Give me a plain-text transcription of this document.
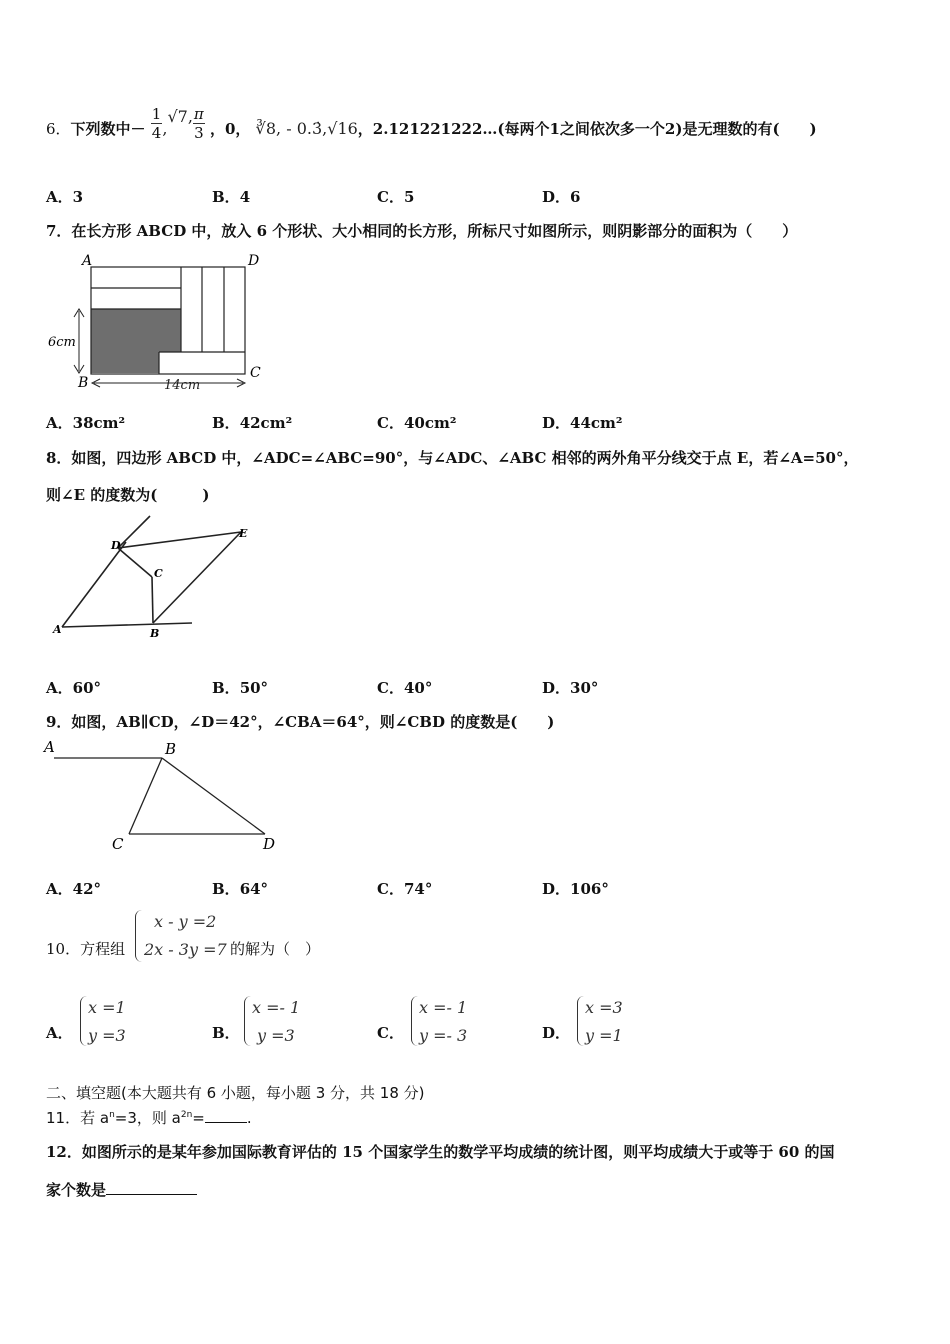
6．下列数中－ $\frac{1}{4} ,√7$, $\frac{\pi}{3}$ ，0， ∛8, - 0.3̇,√16，2.121221222…(每两个1之间依次多一个2)是无理数的有(　　)
A．3	B．4	C．5	D．6
7．在长方形 ABCD 中，放入 6 个形状、大小相同的长方形，所标尺寸如图所示，则阴影部分的面积为（　　）
A	D
B
C
6cm
14cm
A．38cm²	B．42cm²	C．40cm²	D．44cm²
8．如图，四边形 ABCD 中，∠ADC=∠ABC=90°，与∠ADC、∠ABC 相邻的两外角平分线交于点 E，若∠A=50°，
则∠E 的度数为(　　　)
A	B
C
D
E
A．60°	B．50°	C．40°	D．30°
9．如图，AB∥CD，∠D＝42°，∠CBA＝64°，则∠CBD 的度数是(　　)
A	B
C	D
A．42°	B．64°	C．74°	D．106°
10．方程组
x - y =2
2x - 3y =7 的解为（　）
A．
x =1
y =3	B．
x =- 1
y =3	C．
x =- 1
y =- 3	D．
x =3
y =1
二、填空题(本大题共有 6 小题，每小题 3 分，共 18 分)
11．若 $a^n=3$，则 $a^{2n}=$	.
12．如图所示的是某年参加国际教育评估的 15 个国家学生的数学平均成绩的统计图，则平均成绩大于或等于 60 的国
家个数是
